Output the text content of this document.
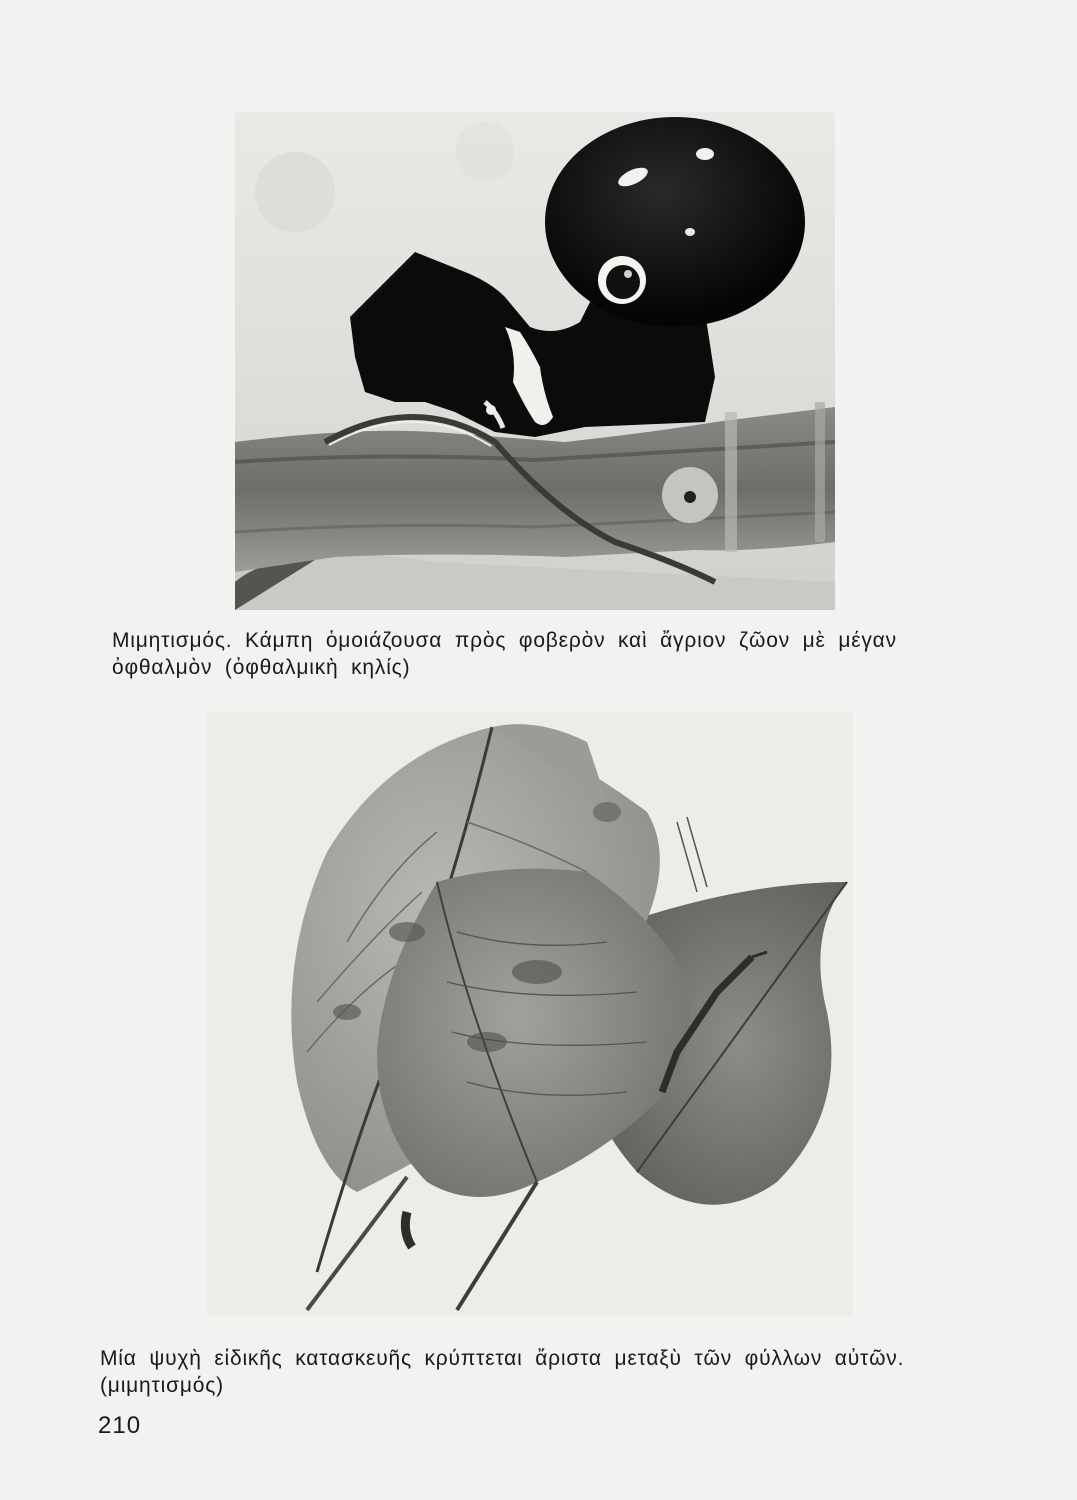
Μιμητισμός. Κάμπη ὁμοιάζουσα πρὸς φοβερὸν καὶ ἄγριον ζῶον μὲ μέγαν

ὀφθαλμὸν (ὀφθαλμικὴ κηλίς)

Μία ψυχὴ εἰδικῆς κατασκευῆς κρύπτεται ἄριστα μεταξὺ τῶν φύλλων αὐτῶν.

(μιμητισμός)

210
